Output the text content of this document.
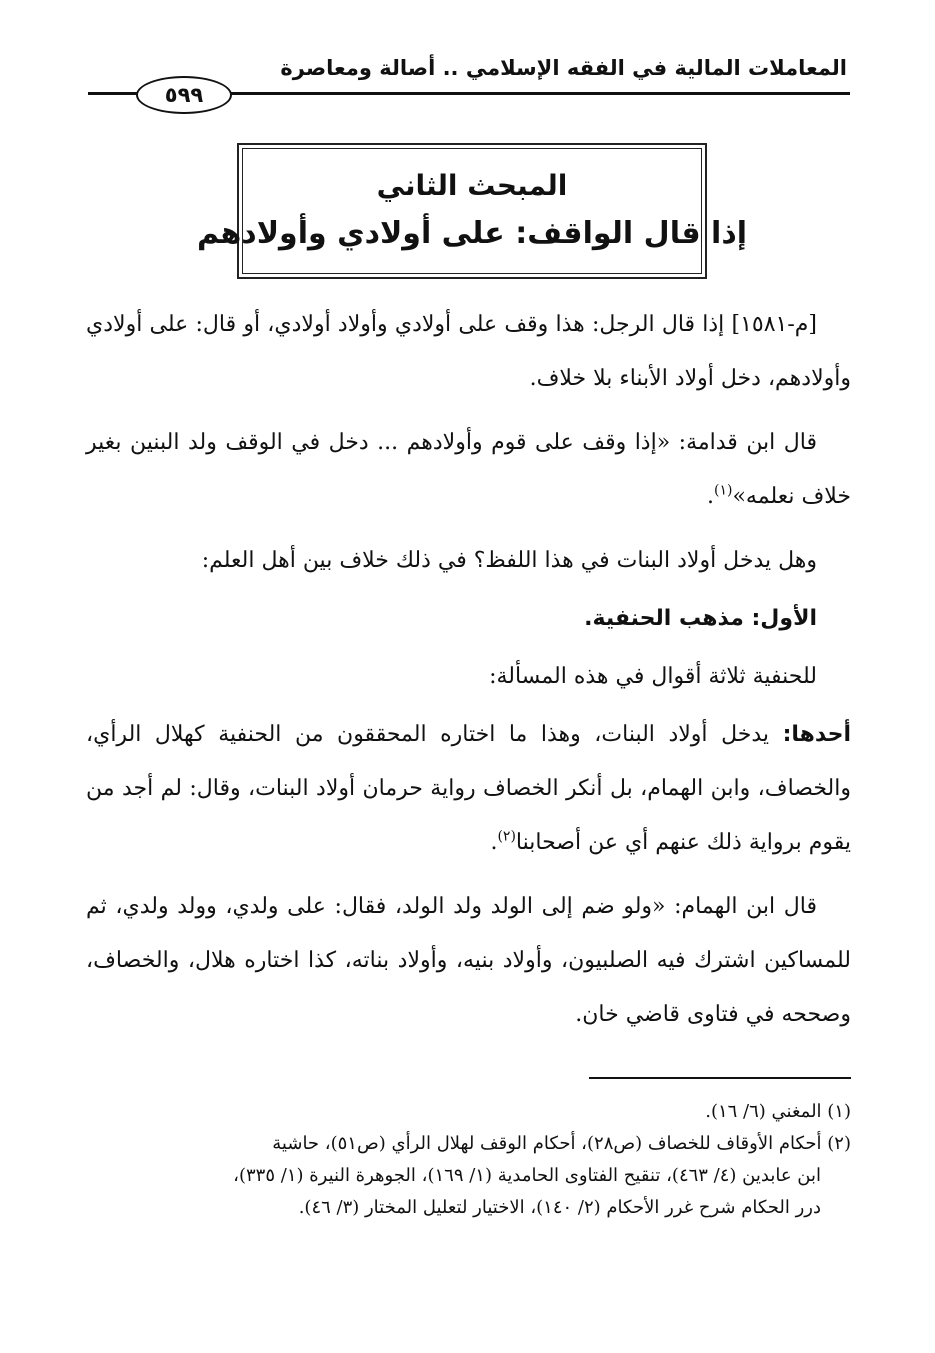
المعاملات المالية في الفقه الإسلامي .. أصالة ومعاصرة
٥٩٩
المبحث الثاني
إذا قال الواقف: على أولادي وأولادهم

[م-١٥٨١] إذا قال الرجل: هذا وقف على أولادي وأولاد أولادي، أو قال: على أولادي وأولادهم، دخل أولاد الأبناء بلا خلاف.

قال ابن قدامة: «إذا وقف على قوم وأولادهم ... دخل في الوقف ولد البنين بغير خلاف نعلمه»$^{(١)}$.

وهل يدخل أولاد البنات في هذا اللفظ؟ في ذلك خلاف بين أهل العلم:

الأول: مذهب الحنفية.

للحنفية ثلاثة أقوال في هذه المسألة:

أحدها: يدخل أولاد البنات، وهذا ما اختاره المحققون من الحنفية كهلال الرأي، والخصاف، وابن الهمام، بل أنكر الخصاف رواية حرمان أولاد البنات، وقال: لم أجد من يقوم برواية ذلك عنهم أي عن أصحابنا$^{(٢)}$.

قال ابن الهمام: «ولو ضم إلى الولد ولد الولد، فقال: على ولدي، وولد ولدي، ثم للمساكين اشترك فيه الصلبيون، وأولاد بنيه، وأولاد بناته، كذا اختاره هلال، والخصاف، وصححه في فتاوى قاضي خان.

(١) المغني (٦/ ١٦).
(٢) أحكام الأوقاف للخصاف (ص٢٨)، أحكام الوقف لهلال الرأي (ص٥١)، حاشية
ابن عابدين (٤/ ٤٦٣)، تنقيح الفتاوى الحامدية (١/ ١٦٩)، الجوهرة النيرة (١/ ٣٣٥)،
درر الحكام شرح غرر الأحكام (٢/ ١٤٠)، الاختيار لتعليل المختار (٣/ ٤٦).
